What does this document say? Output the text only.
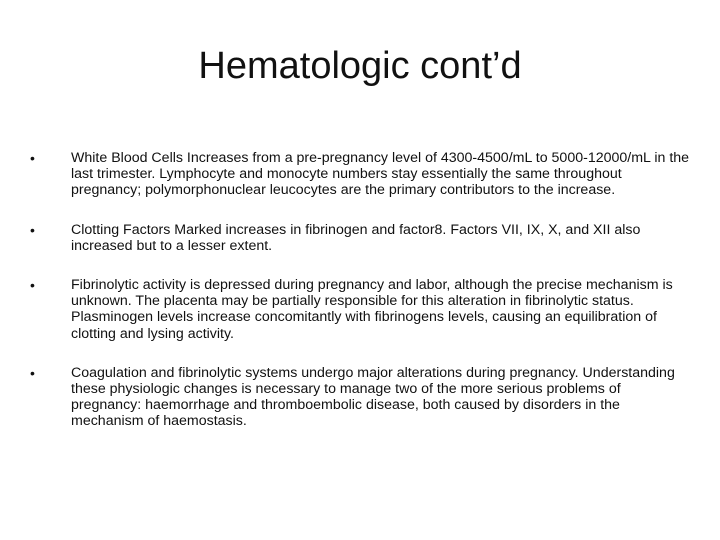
Hematologic cont’d
•	White Blood Cells Increases from a pre-pregnancy level of 4300-4500/mL to 5000-12000/mL in the last trimester. Lymphocyte and monocyte numbers stay essentially the same throughout pregnancy; polymorphonuclear leucocytes are the primary contributors to the increase.
•	Clotting Factors Marked increases in fibrinogen and factor8. Factors VII, IX, X, and XII also increased but to a lesser extent.
•	Fibrinolytic activity is depressed during pregnancy and labor, although the precise mechanism is unknown. The placenta may be partially responsible for this alteration in fibrinolytic status. Plasminogen levels increase concomitantly with fibrinogens levels, causing an equilibration of clotting and lysing activity.
•	Coagulation and fibrinolytic systems undergo major alterations during pregnancy. Understanding these physiologic changes is necessary to manage two of the more serious problems of pregnancy: haemorrhage and thromboembolic disease, both caused by disorders in the mechanism of haemostasis.
